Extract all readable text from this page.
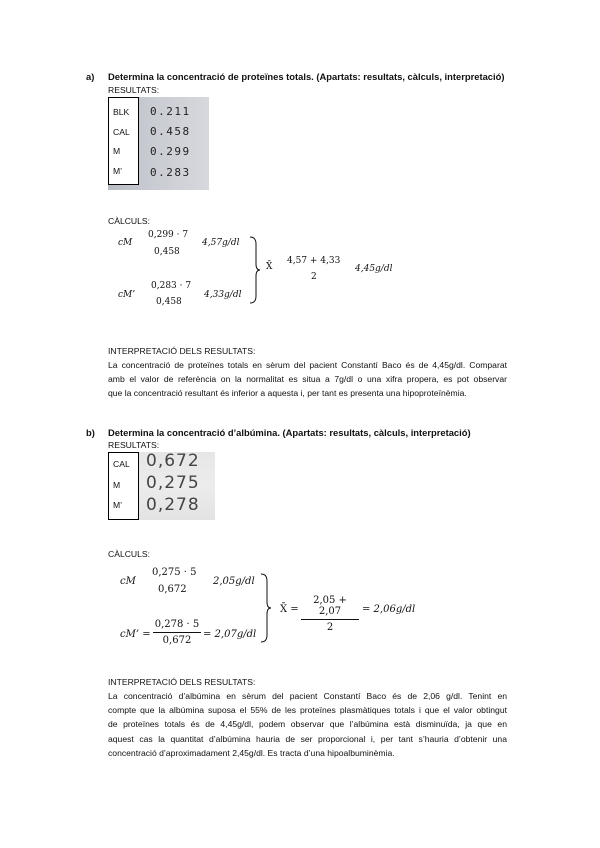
a) Determina la concentració de proteïnes totals. (Apartats: resultats, càlculs, interpretació)
RESULTATS:
BLK
CAL
M
M’
0.211
0.458
0.299
0.283
CÀLCULS:
cM
0,299 · 7
0,458
4,57g/dl
cM’
0,283 · 7
0,458
4,33g/dl
X̄
4,57 + 4,33
2
4,45g/dl
INTERPRETACIÓ DELS RESULTATS:
La concentració de proteïnes totals en sèrum del pacient Constantí Baco és de 4,45g/dl. Comparat
amb el valor de referència on la normalitat es situa a 7g/dl o una xifra propera, es pot observar
que la concentració resultant és inferior a aquesta i, per tant es presenta una hipoproteïnèmia.
b) Determina la concentració d’albúmina. (Apartats: resultats, càlculs, interpretació)
RESULTATS:
CAL
M
M’
0,672
0,275
0,278
CÀLCULS:
cM
0,275 · 5
0,672
2,05g/dl
cM’ =
0,278 · 5
0,672
= 2,07g/dl
X̄ =
2,05 + 2,07
2
= 2,06g/dl
INTERPRETACIÓ DELS RESULTATS:
La concentració d’albúmina en sèrum del pacient Constantí Baco és de 2,06 g/dl. Tenint en
compte que la albúmina suposa el 55% de les proteïnes plasmàtiques totals i que el valor obtingut
de proteïnes totals és de 4,45g/dl, podem observar que l’albúmina està disminuïda, ja que en
aquest cas la quantitat d’albúmina hauria de ser proporcional i, per tant s’hauria d’obtenir una
concentració d’aproximadament 2,45g/dl. Es tracta d’una hipoalbuminèmia.
